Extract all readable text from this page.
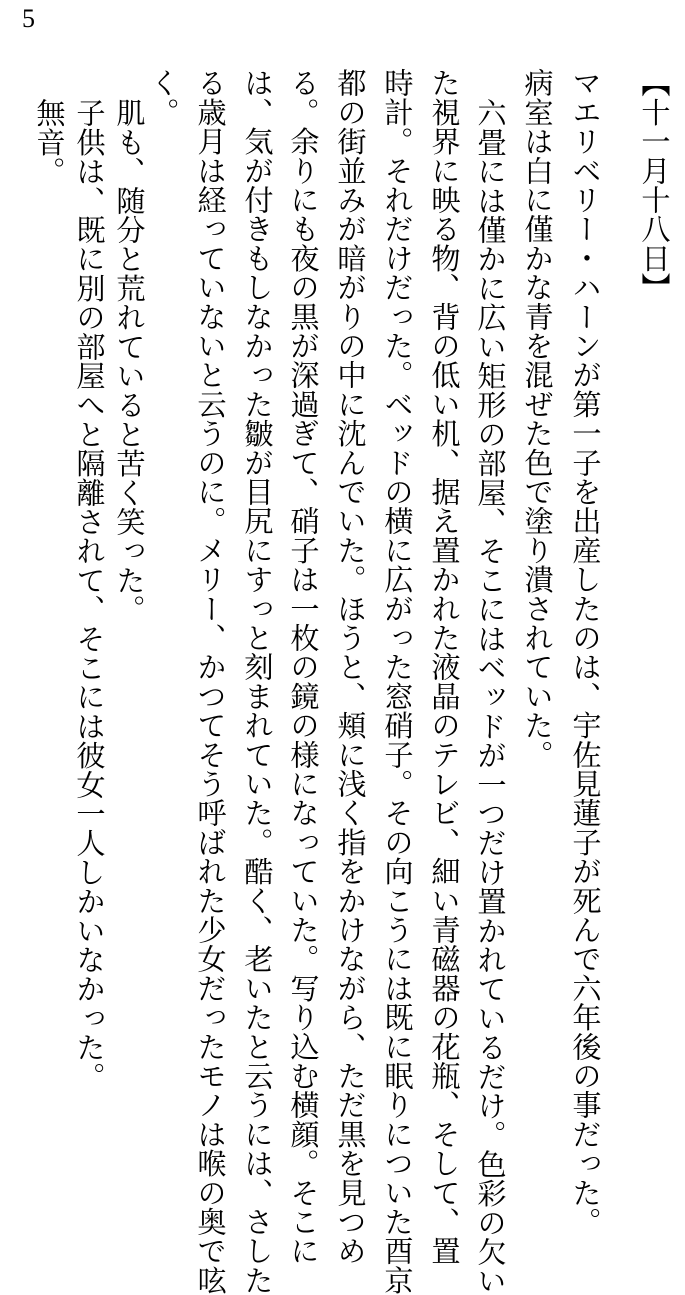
5
【十一月十八日】
マエリベリー・ハーンが第一子を出産したのは、宇佐見蓮子が死んで六年後の事だった。
病室は白に僅かな青を混ぜた色で塗り潰されていた。
六畳には僅かに広い矩形の部屋、そこにはベッドが一つだけ置かれているだけ。色彩の欠い
た視界に映る物、背の低い机、据え置かれた液晶のテレビ、細い青磁器の花瓶、そして、置
時計。それだけだった。ベッドの横に広がった窓硝子。その向こうには既に眠りについた酉京
都の街並みが暗がりの中に沈んでいた。ほうと、頬に浅く指をかけながら、ただ黒を見つめ
る。余りにも夜の黒が深過ぎて、硝子は一枚の鏡の様になっていた。写り込む横顔。そこに
は、気が付きもしなかった皺が目尻にすっと刻まれていた。酷く、老いたと云うには、さした
る歳月は経っていないと云うのに。メリー、かつてそう呼ばれた少女だったモノは喉の奥で呟
く。
肌も、随分と荒れていると苦く笑った。
子供は、既に別の部屋へと隔離されて、そこには彼女一人しかいなかった。
無音。
